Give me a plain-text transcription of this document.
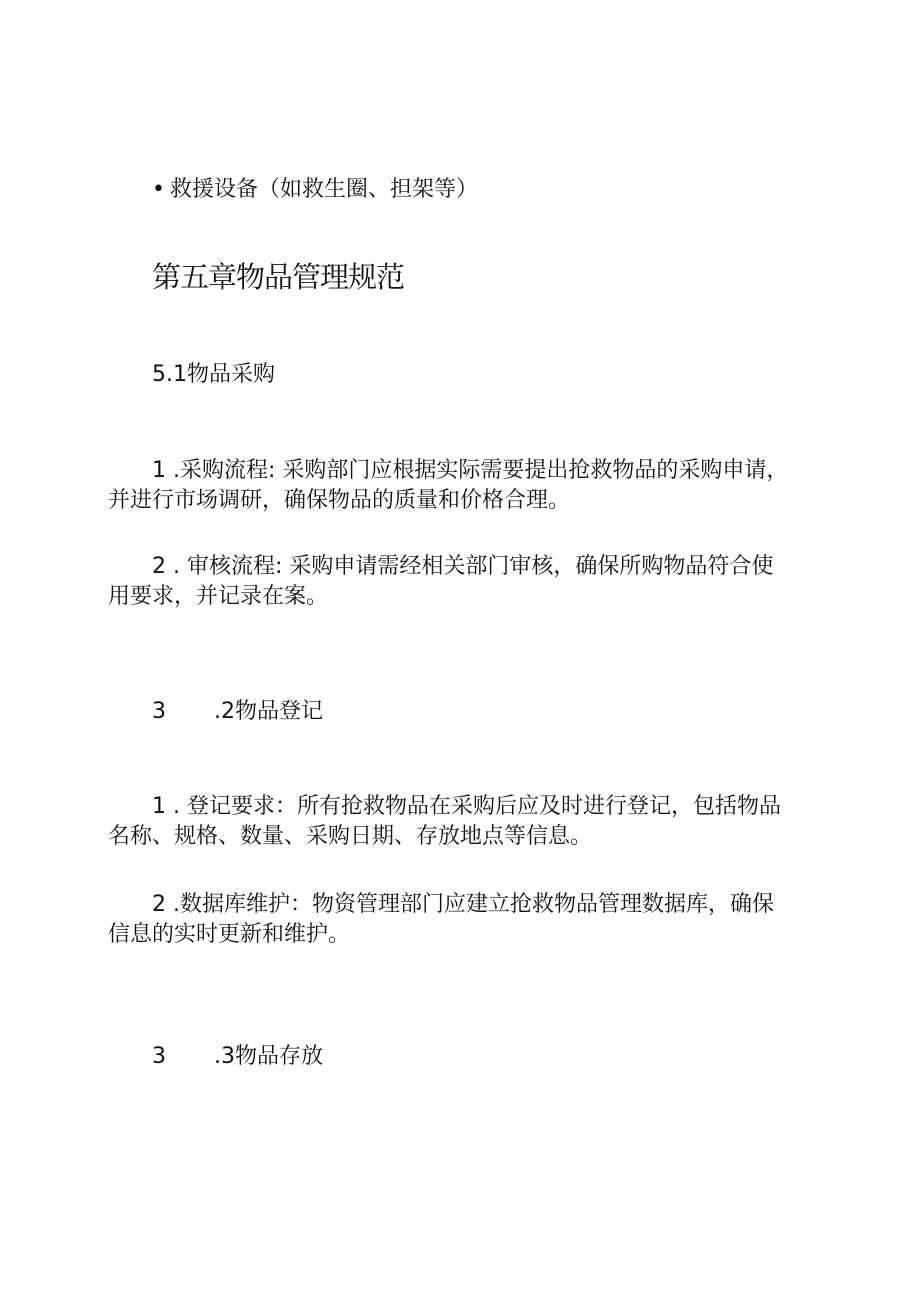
• 救援设备（如救生圈、担架等）
第五章物品管理规范
5.1物品采购
1 .采购流程: 采购部门应根据实际需要提出抢救物品的采购申请，
并进行市场调研，确保物品的质量和价格合理。
2 . 审核流程: 采购申请需经相关部门审核，确保所购物品符合使
用要求，并记录在案。
3 .2物品登记
1 . 登记要求：所有抢救物品在采购后应及时进行登记，包括物品
名称、规格、数量、采购日期、存放地点等信息。
2 .数据库维护：物资管理部门应建立抢救物品管理数据库，确保
信息的实时更新和维护。
3 .3物品存放
